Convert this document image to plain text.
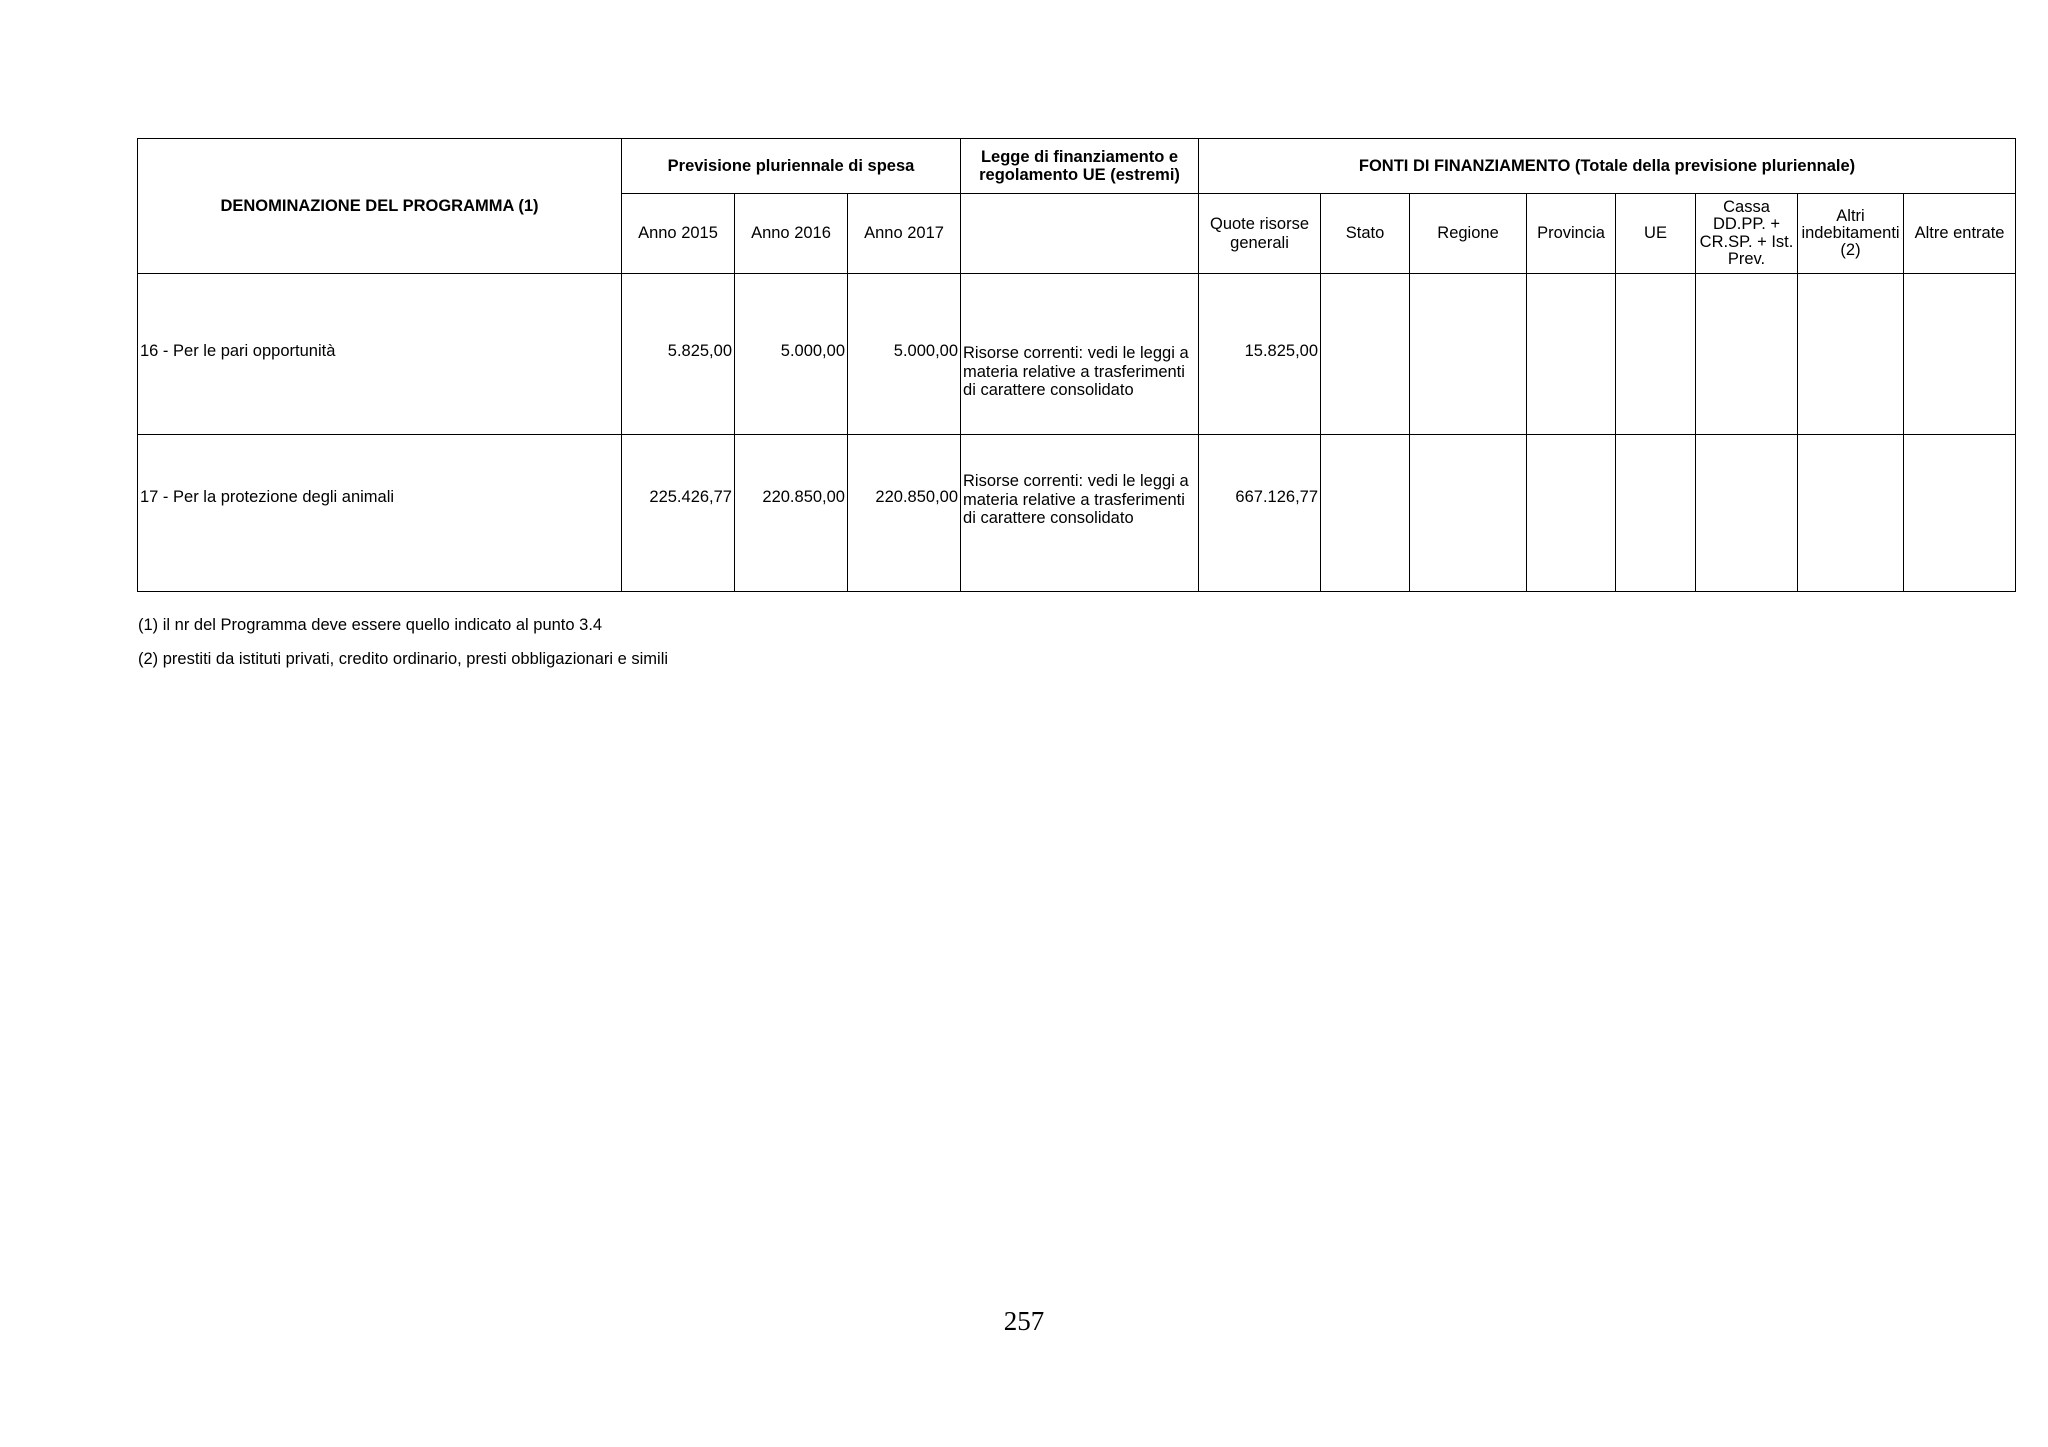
DENOMINAZIONE DEL PROGRAMMA (1)	Previsione pluriennale di spesa			Legge di finanziamento e regolamento UE (estremi)	FONTI DI FINANZIAMENTO (Totale della previsione pluriennale)							
	Anno 2015	Anno 2016	Anno 2017		Quote risorse generali	Stato	Regione	Provincia	UE	Cassa DD.PP. + CR.SP. + Ist. Prev.	Altri indebitamenti (2)	Altre entrate
16 - Per le pari opportunità	5.825,00	5.000,00	5.000,00	Risorse correnti: vedi le leggi a
materia relative a trasferimenti
di carattere consolidato	15.825,00							
17 - Per la protezione degli animali	225.426,77	220.850,00	220.850,00	Risorse correnti: vedi le leggi a
materia relative a trasferimenti
di carattere consolidato	667.126,77							
(1) il nr del Programma deve essere quello indicato al punto 3.4
(2) prestiti da istituti privati, credito ordinario, presti obbligazionari e simili
257
